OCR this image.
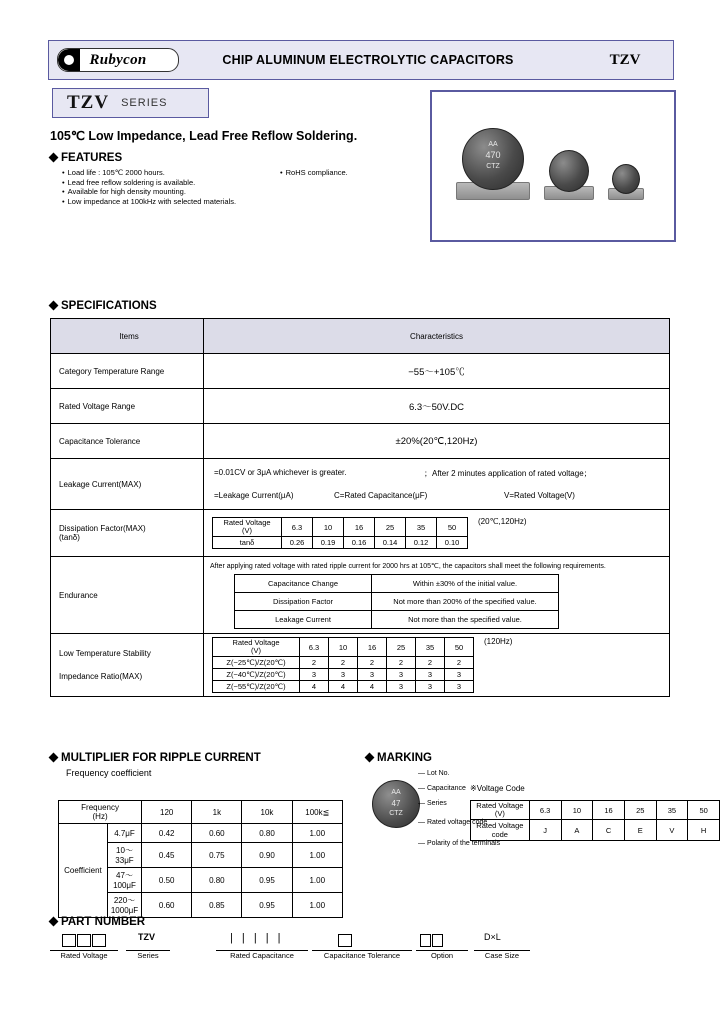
Rubycon	CHIP ALUMINUM ELECTROLYTIC CAPACITORS	TZV
TZV SERIES
105℃ Low Impedance, Lead Free Reflow Soldering.
FEATURES
• Load life : 105℃ 2000 hours.
• Lead free reflow soldering is available.
• Available for high density mounting.
• Low impedance at 100kHz with selected materials.
• RoHS compliance.
AA
470
CTZ
SPECIFICATIONS
Items	Characteristics
Category Temperature Range	−55～+105℃
Rated Voltage Range	6.3〜50V.DC
Capacitance Tolerance	±20%(20℃,120Hz)
Leakage Current(MAX)	
=0.01CV or 3μA whichever is greater.	；After 2 minutes application of rated voltage；
=Leakage Current(μA)	C=Rated Capacitance(μF)	V=Rated Voltage(V)

Dissipation Factor(MAX)
(tanδ)

Rated Voltage
(V)	6.3	10	16	25	35	50
tanδ	0.26	0.19	0.16	0.14	0.12	0.10
(20℃,120Hz)

Endurance	
After applying rated voltage with rated ripple current for 2000 hrs at 105℃, the capacitors shall meet the following requirements.
Capacitance Change	Within ±30% of the initial value.
Dissipation Factor	Not more than 200% of the specified value.
Leakage Current	Not more than the specified value.

Low Temperature Stability
Impedance Ratio(MAX)

Rated Voltage
(V)	6.3	10	16	25	35	50
Z(−25℃)/Z(20℃)	2	2	2	2	2	2
Z(−40℃)/Z(20℃)	3	3	3	3	3	3
Z(−55℃)/Z(20℃)	4	4	4	3	3	3
(120Hz)
MULTIPLIER FOR RIPPLE CURRENT
Frequency coefficient
Frequency
(Hz)		120	1k	10k	100k≦
Coefficient	4.7μF	0.42	0.60	0.80	1.00
	10～33μF	0.45	0.75	0.90	1.00
	47～100μF	0.50	0.80	0.95	1.00
	220～1000μF	0.60	0.85	0.95	1.00
MARKING
AA
47
CTZ
— Lot No.
— Capacitance
— Series
— Rated voltage code
— Polarity of the terminals
※Voltage Code
Rated Voltage
(V)	6.3	10	16	25	35	50
Rated Voltage code	J	A	C	E	V	H
PART NUMBER
TZV	| | | | |	D×L
Rated Voltage	Series	Rated Capacitance	Capacitance Tolerance	Option	Case Size
